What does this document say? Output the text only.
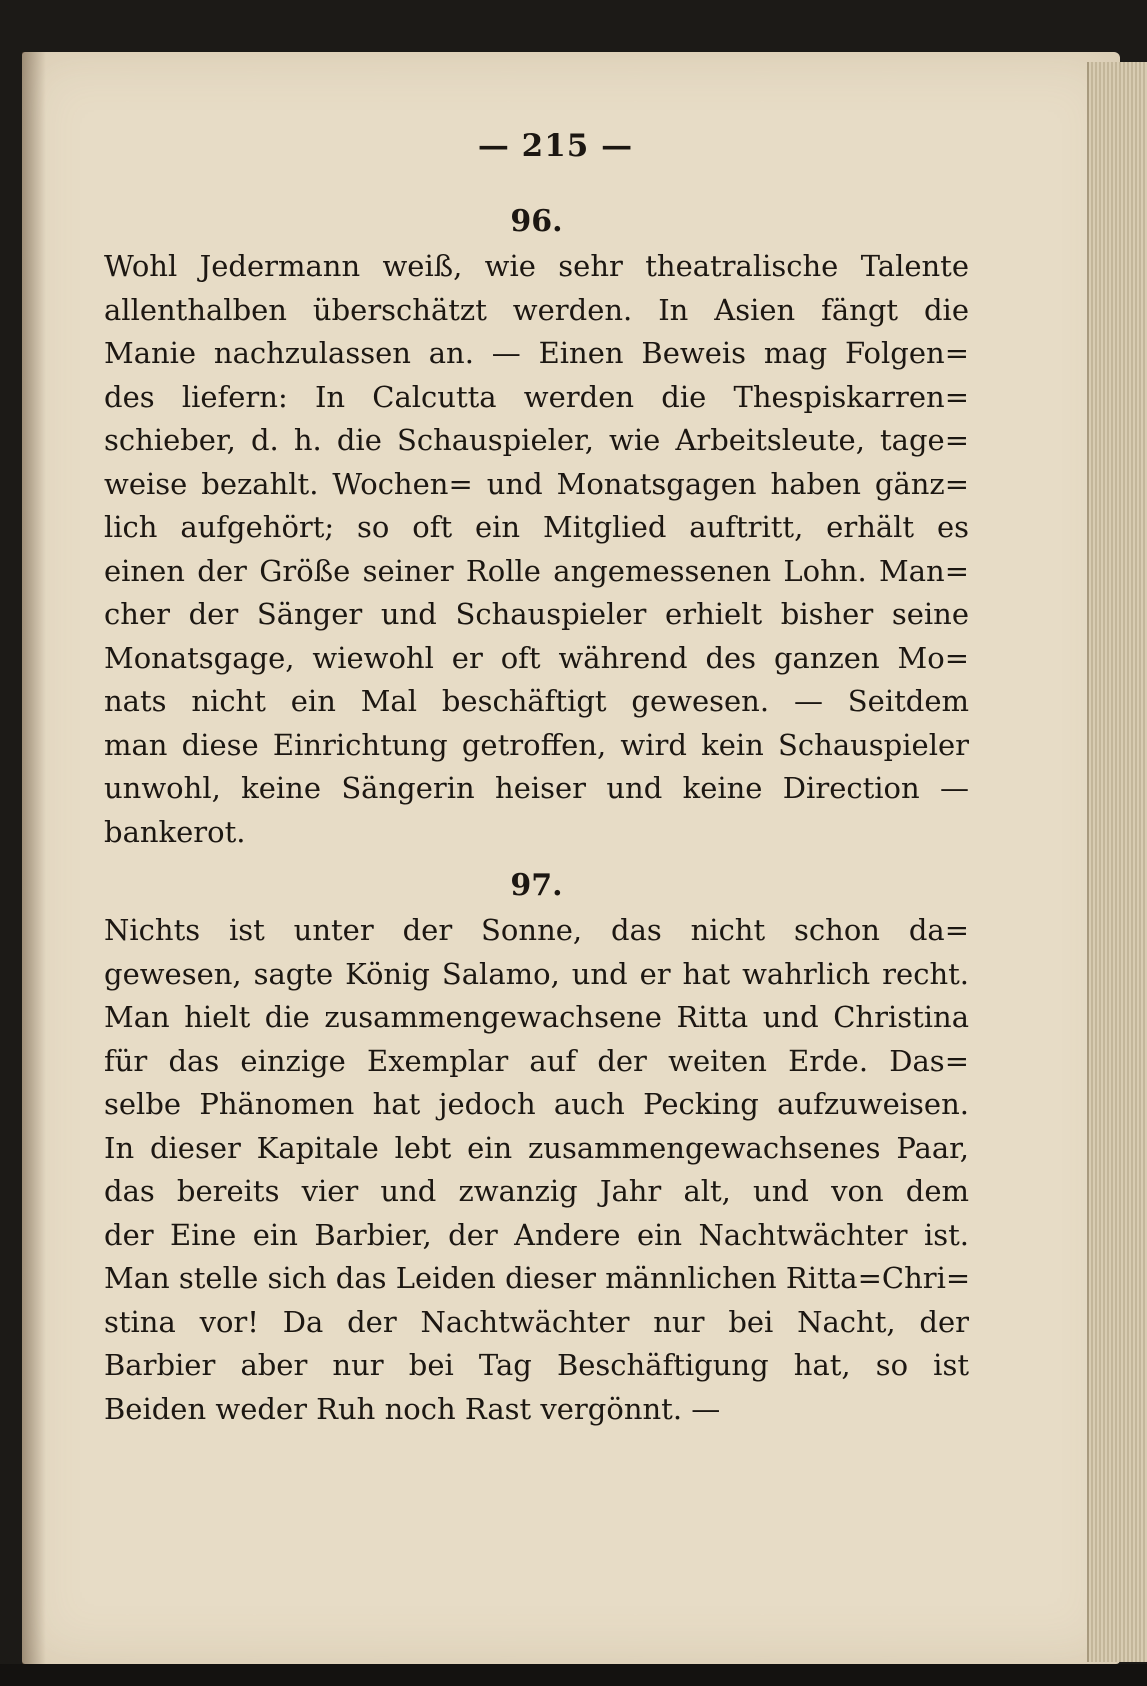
— 215 —
96.
Wohl Jedermann weiß, wie sehr theatralische Talente
allenthalben überschätzt werden. In Asien fängt die
Manie nachzulassen an. — Einen Beweis mag Folgen=
des liefern: In Calcutta werden die Thespiskarren=
schieber, d. h. die Schauspieler, wie Arbeitsleute, tage=
weise bezahlt. Wochen= und Monatsgagen haben gänz=
lich aufgehört; so oft ein Mitglied auftritt, erhält es
einen der Größe seiner Rolle angemessenen Lohn. Man=
cher der Sänger und Schauspieler erhielt bisher seine
Monatsgage, wiewohl er oft während des ganzen Mo=
nats nicht ein Mal beschäftigt gewesen. — Seitdem
man diese Einrichtung getroffen, wird kein Schauspieler
unwohl, keine Sängerin heiser und keine Direction —
bankerot.
97.
Nichts ist unter der Sonne, das nicht schon da=
gewesen, sagte König Salamo, und er hat wahrlich recht.
Man hielt die zusammengewachsene Ritta und Christina
für das einzige Exemplar auf der weiten Erde. Das=
selbe Phänomen hat jedoch auch Pecking aufzuweisen.
In dieser Kapitale lebt ein zusammengewachsenes Paar,
das bereits vier und zwanzig Jahr alt, und von dem
der Eine ein Barbier, der Andere ein Nachtwächter ist.
Man stelle sich das Leiden dieser männlichen Ritta=Chri=
stina vor! Da der Nachtwächter nur bei Nacht, der
Barbier aber nur bei Tag Beschäftigung hat, so ist
Beiden weder Ruh noch Rast vergönnt. —
